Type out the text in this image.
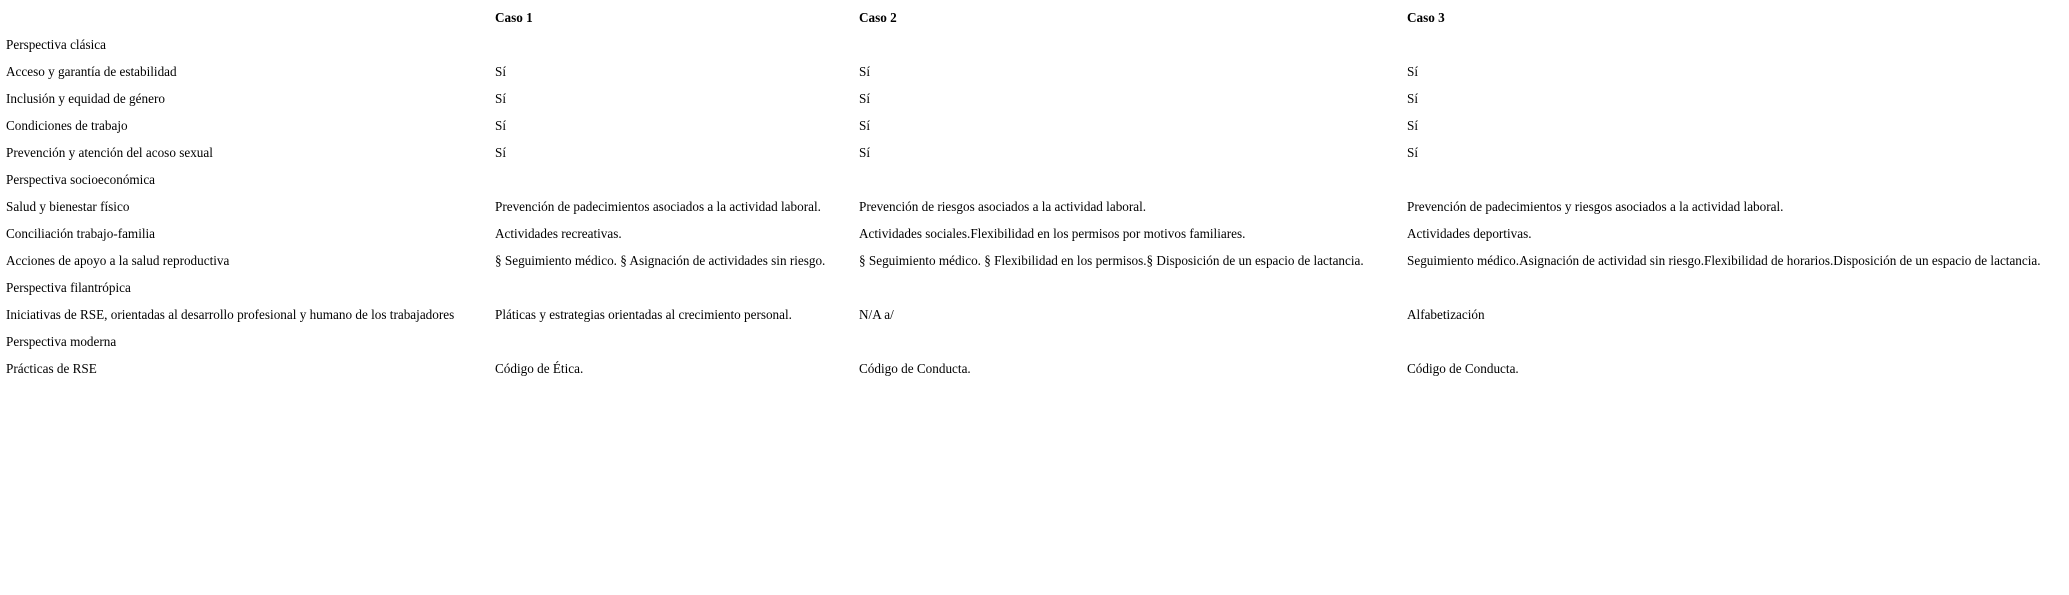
	Caso 1	Caso 2	Caso 3
Perspectiva clásica			
Acceso y garantía de estabilidad	Sí	Sí	Sí
Inclusión y equidad de género	Sí	Sí	Sí
Condiciones de trabajo	Sí	Sí	Sí
Prevención y atención del acoso sexual	Sí	Sí	Sí
Perspectiva socioeconómica			
Salud y bienestar físico	Prevención de padecimientos asociados a la actividad laboral.	Prevención de riesgos asociados a la actividad laboral.	Prevención de padecimientos y riesgos asociados a la actividad laboral.
Conciliación trabajo-familia	Actividades recreativas.	Actividades sociales.Flexibilidad en los permisos por motivos familiares.	Actividades deportivas.
Acciones de apoyo a la salud reproductiva	§ Seguimiento médico. § Asignación de actividades sin riesgo.	§ Seguimiento médico. § Flexibilidad en los permisos.§ Disposición de un espacio de lactancia.	Seguimiento médico.Asignación de actividad sin riesgo.Flexibilidad de horarios.Disposición de un espacio de lactancia.
Perspectiva filantrópica			
Iniciativas de RSE, orientadas al desarrollo profesional y humano de los trabajadores	Pláticas y estrategias orientadas al crecimiento personal.	N/A a/	Alfabetización
Perspectiva moderna			
Prácticas de RSE	Código de Ética.	Código de Conducta.	Código de Conducta.
